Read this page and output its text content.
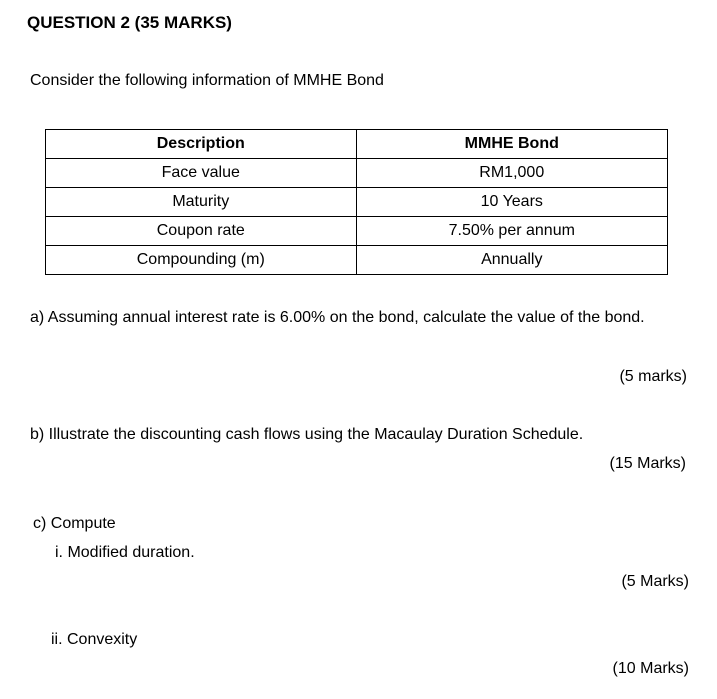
QUESTION 2 (35 MARKS)
Consider the following information of MMHE Bond
Description	MMHE Bond
Face value	RM1,000
Maturity	10 Years
Coupon rate	7.50% per annum
Compounding (m)	Annually
a) Assuming annual interest rate is 6.00% on the bond, calculate the value of the bond.
(5 marks)
b) Illustrate the discounting cash flows using the Macaulay Duration Schedule.
(15 Marks)
c) Compute
i. Modified duration.
(5 Marks)
ii. Convexity
(10 Marks)
